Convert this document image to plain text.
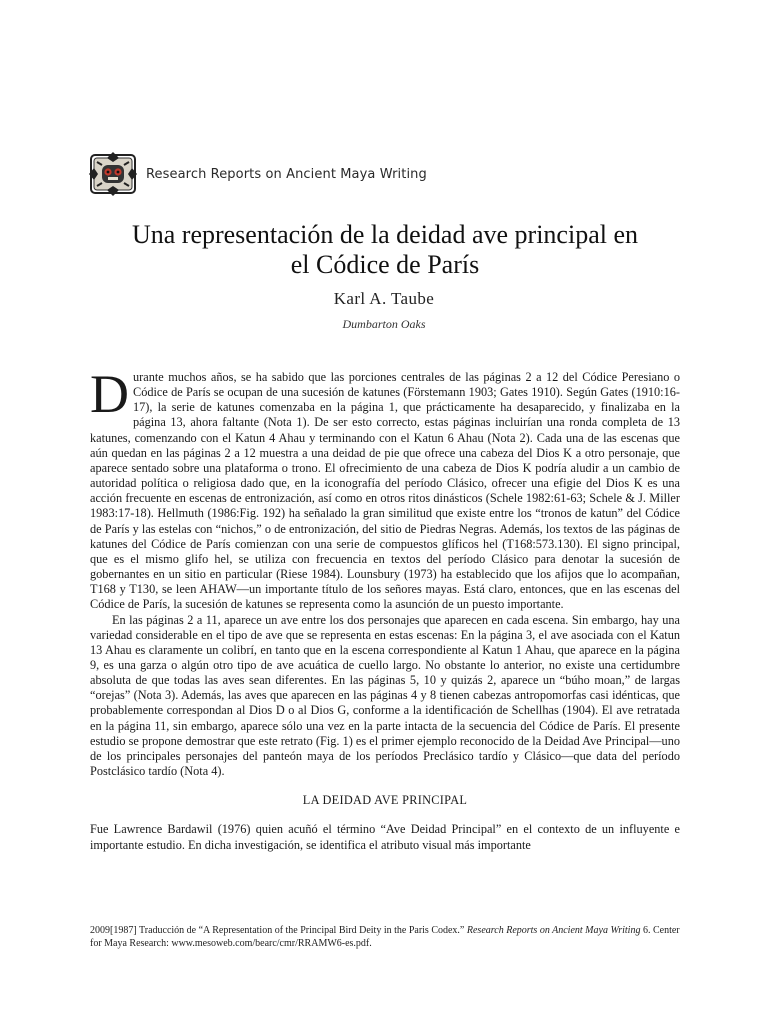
Research Reports on Ancient Maya Writing
Una representación de la deidad ave principal en el Códice de París
Karl A. Taube
Dumbarton Oaks

Durante muchos años, se ha sabido que las porciones centrales de las páginas 2 a 12 del Códice Peresiano o Códice de París se ocupan de una sucesión de katunes (Förstemann 1903; Gates 1910). Según Gates (1910:16-17), la serie de katunes comenzaba en la página 1, que prácticamente ha desaparecido, y finalizaba en la página 13, ahora faltante (Nota 1). De ser esto correcto, estas páginas incluirían una ronda completa de 13 katunes, comenzando con el Katun 4 Ahau y terminando con el Katun 6 Ahau (Nota 2). Cada una de las escenas que aún quedan en las páginas 2 a 12 muestra a una deidad de pie que ofrece una cabeza del Dios K a otro personaje, que aparece sentado sobre una plataforma o trono. El ofrecimiento de una cabeza de Dios K podría aludir a un cambio de autoridad política o religiosa dado que, en la iconografía del período Clásico, ofrecer una efigie del Dios K es una acción frecuente en escenas de entronización, así como en otros ritos dinásticos (Schele 1982:61-63; Schele & J. Miller 1983:17-18). Hellmuth (1986:Fig. 192) ha señalado la gran similitud que existe entre los “tronos de katun” del Códice de París y las estelas con “nichos,” o de entronización, del sitio de Piedras Negras. Además, los textos de las páginas de katunes del Códice de París comienzan con una serie de compuestos glíficos hel (T168:573.130). El signo principal, que es el mismo glifo hel, se utiliza con frecuencia en textos del período Clásico para denotar la sucesión de gobernantes en un sitio en particular (Riese 1984). Lounsbury (1973) ha establecido que los afijos que lo acompañan, T168 y T130, se leen AHAW—un importante título de los señores mayas. Está claro, entonces, que en las escenas del Códice de París, la sucesión de katunes se representa como la asunción de un puesto importante.

En las páginas 2 a 11, aparece un ave entre los dos personajes que aparecen en cada escena. Sin embargo, hay una variedad considerable en el tipo de ave que se representa en estas escenas: En la página 3, el ave asociada con el Katun 13 Ahau es claramente un colibrí, en tanto que en la escena correspondiente al Katun 1 Ahau, que aparece en la página 9, es una garza o algún otro tipo de ave acuática de cuello largo. No obstante lo anterior, no existe una certidumbre absoluta de que todas las aves sean diferentes. En las páginas 5, 10 y quizás 2, aparece un “búho moan,” de largas “orejas” (Nota 3). Además, las aves que aparecen en las páginas 4 y 8 tienen cabezas antropomorfas casi idénticas, que probablemente correspondan al Dios D o al Dios G, conforme a la identificación de Schellhas (1904). El ave retratada en la página 11, sin embargo, aparece sólo una vez en la parte intacta de la secuencia del Códice de París. El presente estudio se propone demostrar que este retrato (Fig. 1) es el primer ejemplo reconocido de la Deidad Ave Principal—uno de los principales personajes del panteón maya de los períodos Preclásico tardío y Clásico—que data del período Postclásico tardío (Nota 4).

LA DEIDAD AVE PRINCIPAL

Fue Lawrence Bardawil (1976) quien acuñó el término “Ave Deidad Principal” en el contexto de un influyente e importante estudio. En dicha investigación, se identifica el atributo visual más importante

2009[1987] Traducción de “A Representation of the Principal Bird Deity in the Paris Codex.” Research Reports on Ancient Maya Writing 6. Center for Maya Research: www.mesoweb.com/bearc/cmr/RRAMW6-es.pdf.
